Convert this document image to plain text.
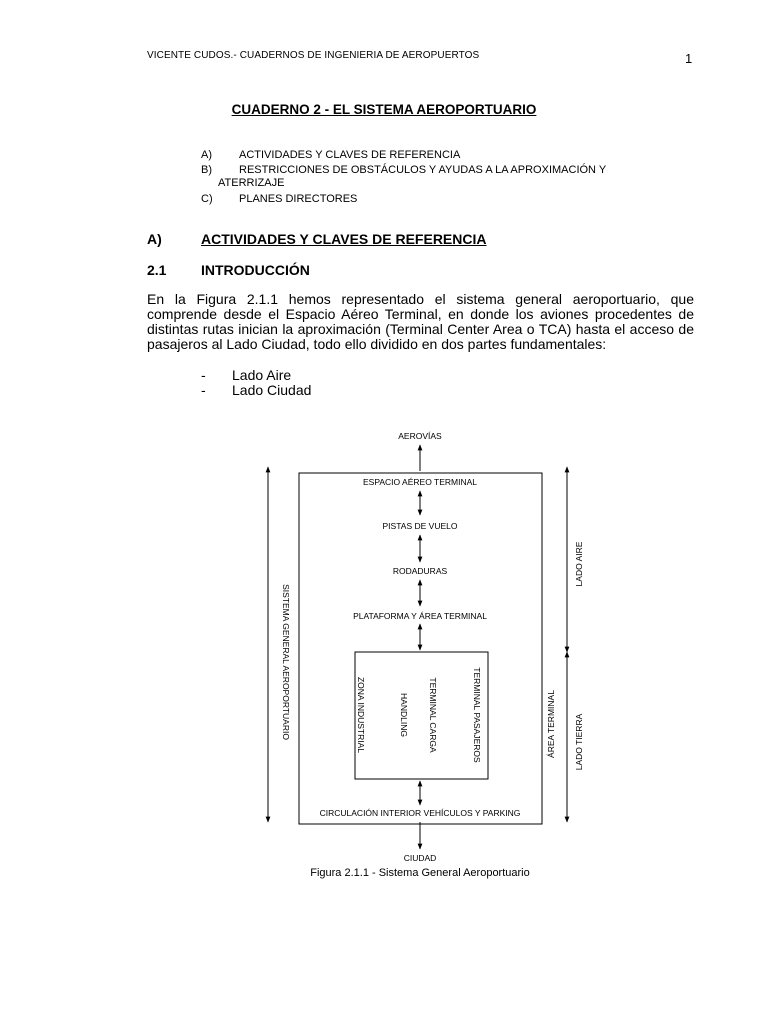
VICENTE CUDOS.- CUADERNOS DE INGENIERIA DE AEROPUERTOS	1
CUADERNO 2 - EL SISTEMA AEROPORTUARIO
A) ACTIVIDADES Y CLAVES DE REFERENCIA
B) RESTRICCIONES DE OBSTÁCULOS Y AYUDAS A LA APROXIMACIÓN Y
ATERRIZAJE
C) PLANES DIRECTORES
A)	ACTIVIDADES Y CLAVES DE REFERENCIA
2.1 INTRODUCCIÓN
En la Figura 2.1.1 hemos representado el sistema general aeroportuario, que comprende desde el Espacio Aéreo Terminal, en donde los aviones procedentes de distintas rutas inician la aproximación (Terminal Center Area o TCA) hasta el acceso de pasajeros al Lado Ciudad, todo ello dividido en dos partes fundamentales:
- Lado Aire
- Lado Ciudad
AEROVÍAS
ESPACIO AÉREO TERMINAL
PISTAS DE VUELO
RODADURAS
PLATAFORMA Y ÁREA TERMINAL
CIRCULACIÓN INTERIOR VEHÍCULOS Y PARKING
CIUDAD
TERMINAL PASAJEROS
TERMINAL CARGA
HANDLING
ZONA INDUSTRIAL
SISTEMA GENERAL AEROPORTUARIO	ÁREA TERMINAL
LADO AIRE
LADO TIERRA
Figura 2.1.1 - Sistema General Aeroportuario
